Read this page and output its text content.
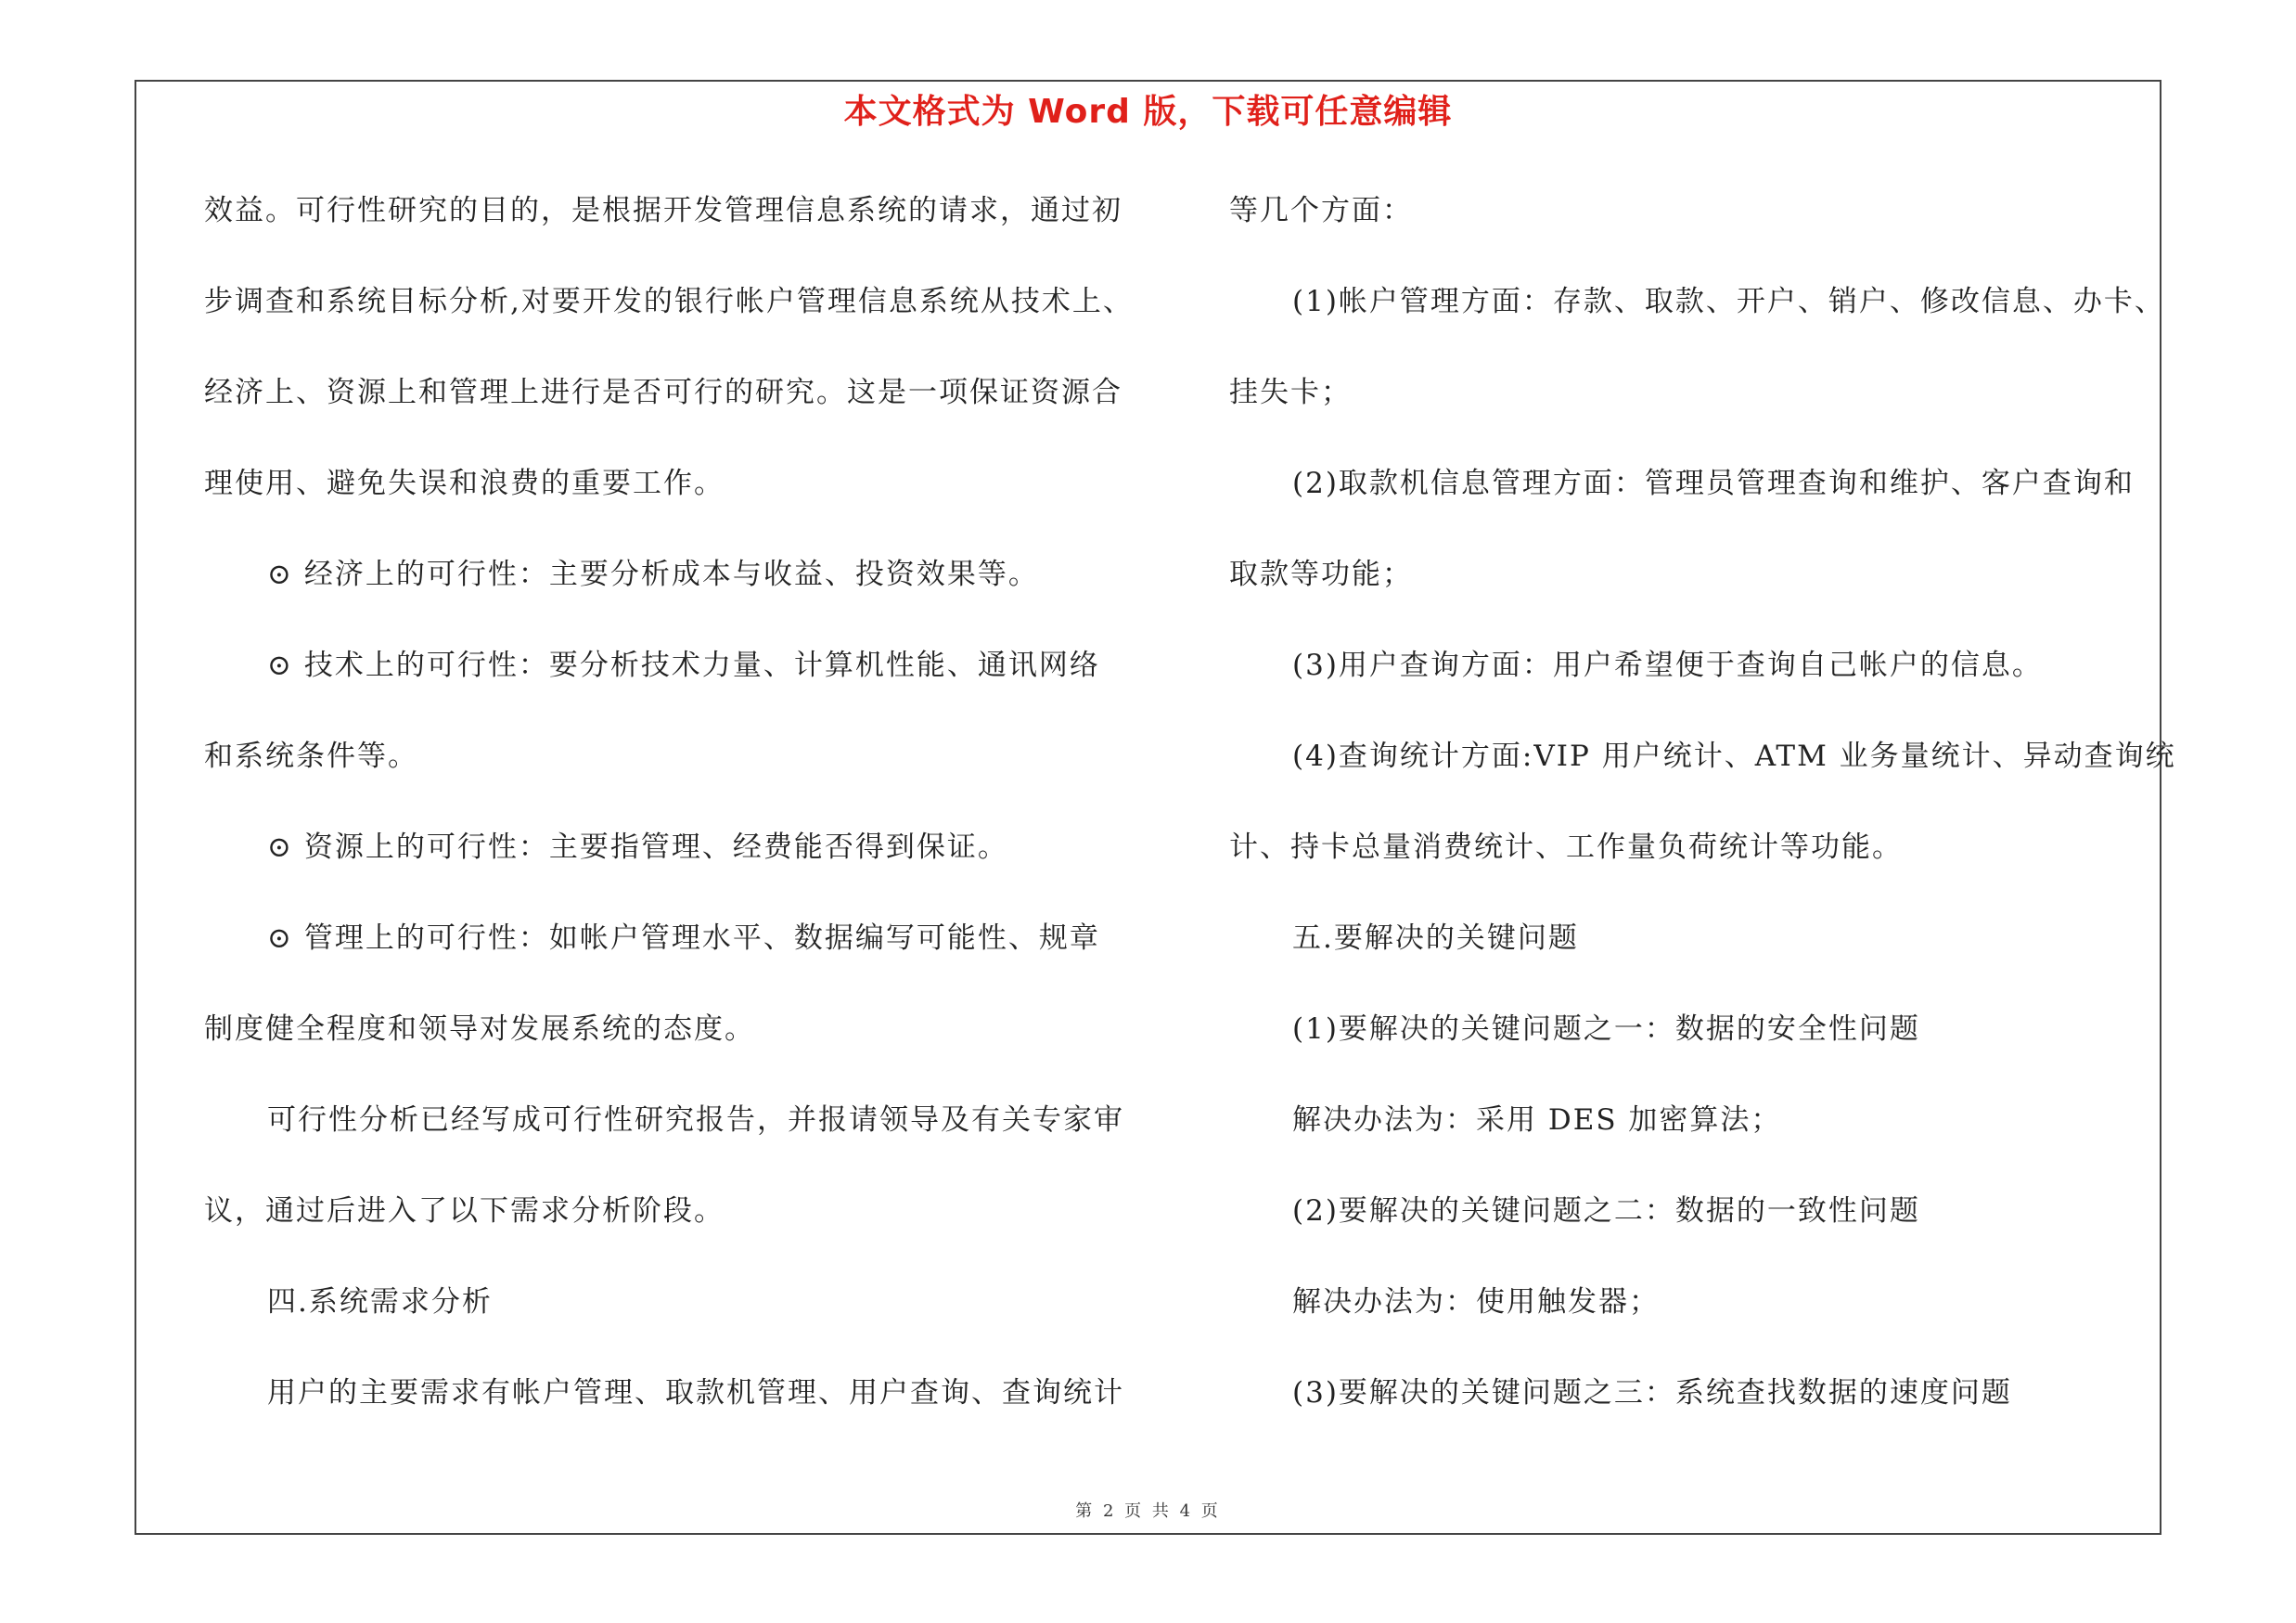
本文格式为 Word 版，下载可任意编辑
效益。可行性研究的目的，是根据开发管理信息系统的请求，通过初
步调查和系统目标分析,对要开发的银行帐户管理信息系统从技术上、
经济上、资源上和管理上进行是否可行的研究。这是一项保证资源合
理使用、避免失误和浪费的重要工作。
⊙ 经济上的可行性：主要分析成本与收益、投资效果等。
⊙ 技术上的可行性：要分析技术力量、计算机性能、通讯网络
和系统条件等。
⊙ 资源上的可行性：主要指管理、经费能否得到保证。
⊙ 管理上的可行性：如帐户管理水平、数据编写可能性、规章
制度健全程度和领导对发展系统的态度。
可行性分析已经写成可行性研究报告，并报请领导及有关专家审
议，通过后进入了以下需求分析阶段。
四.系统需求分析
用户的主要需求有帐户管理、取款机管理、用户查询、查询统计
等几个方面：
(1)帐户管理方面：存款、取款、开户、销户、修改信息、办卡、
挂失卡；
(2)取款机信息管理方面：管理员管理查询和维护、客户查询和
取款等功能；
(3)用户查询方面：用户希望便于查询自己帐户的信息。
(4)查询统计方面:VIP 用户统计、ATM 业务量统计、异动查询统
计、持卡总量消费统计、工作量负荷统计等功能。
五.要解决的关键问题
(1)要解决的关键问题之一：数据的安全性问题
解决办法为：采用 DES 加密算法；
(2)要解决的关键问题之二：数据的一致性问题
解决办法为：使用触发器；
(3)要解决的关键问题之三：系统查找数据的速度问题
第 2 页 共 4 页
